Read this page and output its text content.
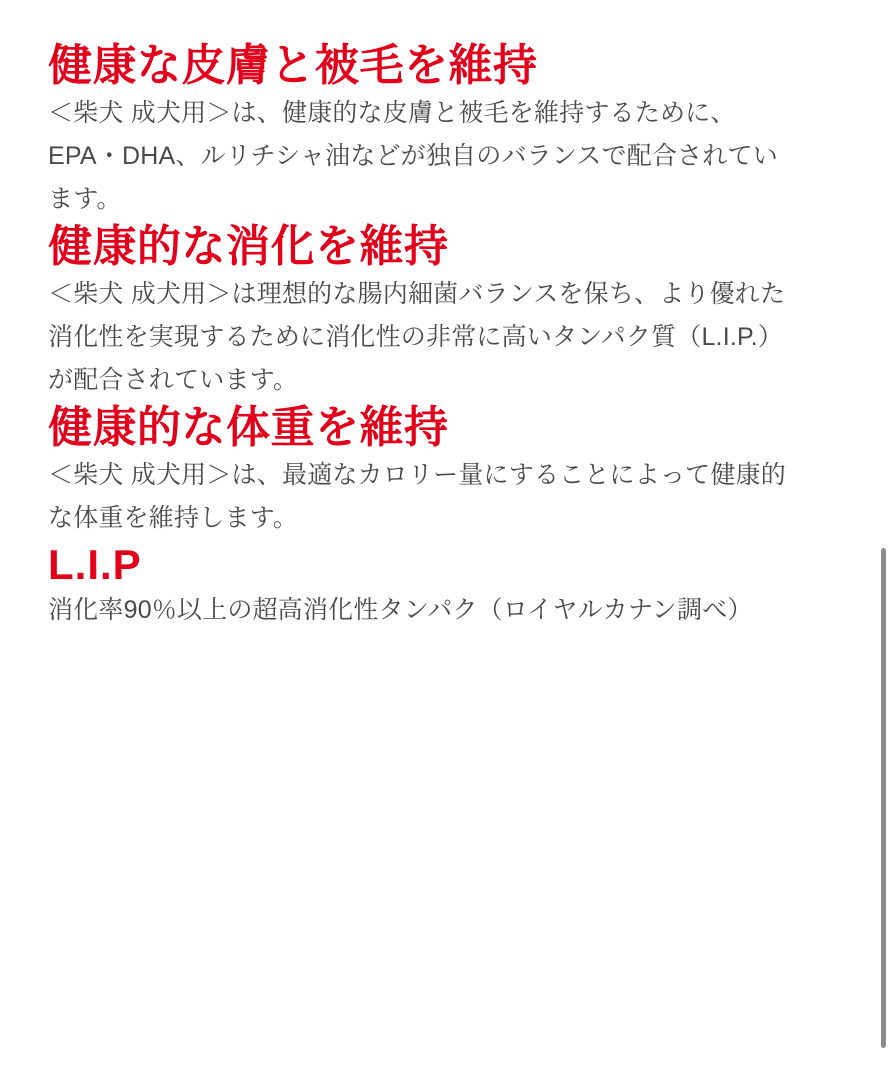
健康な皮膚と被毛を維持

＜柴犬 成犬用＞は、健康的な皮膚と被毛を維持するために、EPA・DHA、ルリチシャ油などが独自のバランスで配合されています。

健康的な消化を維持

＜柴犬 成犬用＞は理想的な腸内細菌バランスを保ち、より優れた消化性を実現するために消化性の非常に高いタンパク質（L.I.P.）が配合されています。

健康的な体重を維持

＜柴犬 成犬用＞は、最適なカロリー量にすることによって健康的な体重を維持します。

L.I.P

消化率90％以上の超高消化性タンパク（ロイヤルカナン調べ）
